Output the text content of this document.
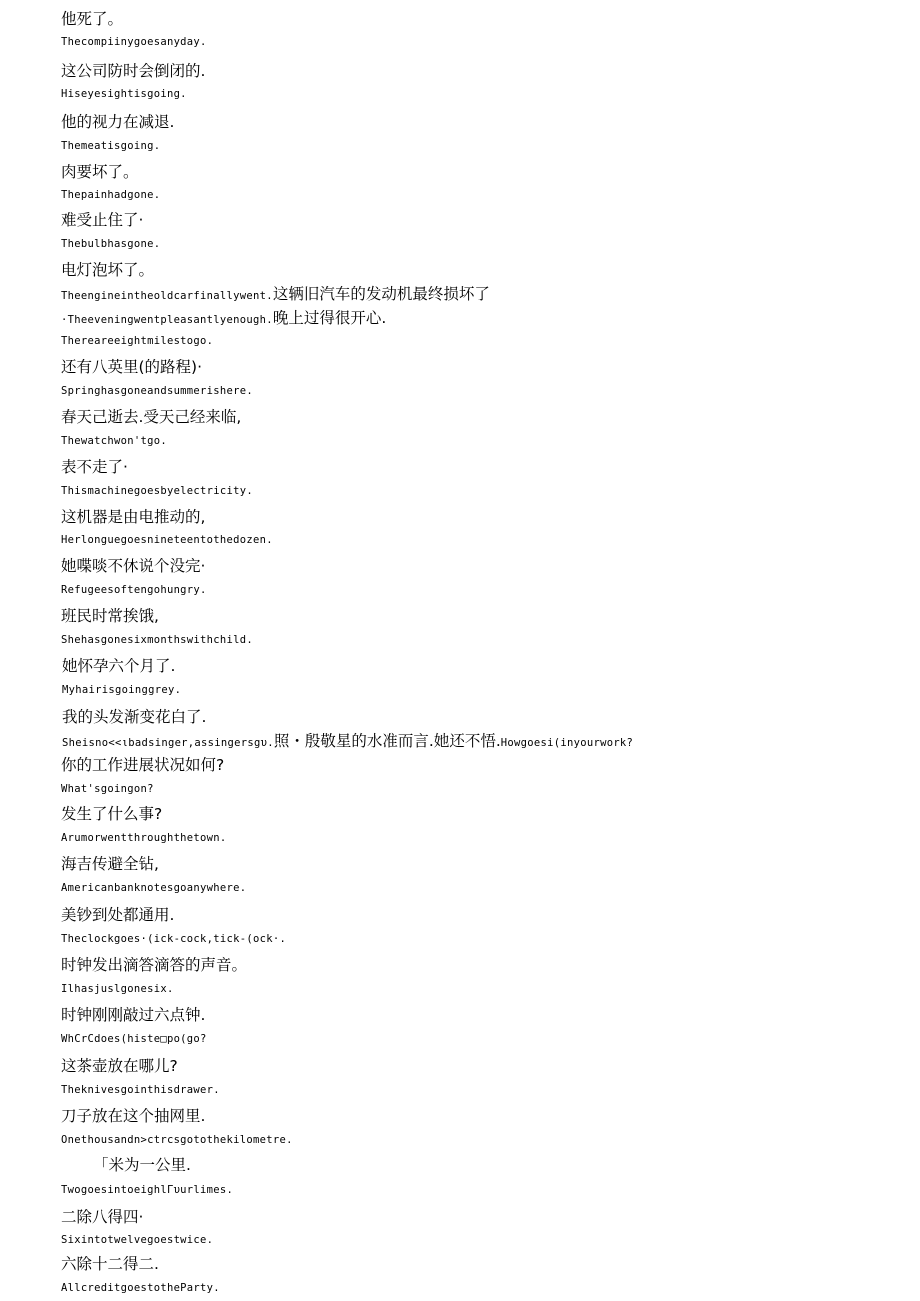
他死了。
Thecompiinygoesanyday.
这公司防时会倒闭的.
Hiseyesightisgoing.
他的视力在减退.
Themeatisgoing.
肉要坏了。
Thepainhadgone.
难受止住了·
Thebulbhasgone.
电灯泡坏了。
Theengineintheoldcarfinallywent.这辆旧汽车的发动机最终损坏了
·Theeveningwentpleasantlyenough.晚上过得很开心.
Thereareeightmilestogo.
还有八英里(的路程)·
Springhasgoneandsummerishere.
春天己逝去.受天己经来临,
Thewatchwon'tgo.
表不走了·
Thismachinegoesbyelectricity.
这机器是由电推动的,
Herlonguegoesnineteentothedozen.
她喋啖不休说个没完·
Refugeesoftengohungry.
班民时常挨饿,
Shehasgonesixmonthswithchild.
她怀孕六个月了.
Myhairisgoinggrey.
我的头发渐变花白了.
Sheisno<<ιbadsinger,assingersgυ.照・殷敬星的水准而言.她还不悟.Howgoesi(inyourwork?
你的工作进展状况如何?
What'sgoingon?
发生了什么事?
Arumorwentthroughthetown.
海吉传避全钻,
Americanbanknotesgoanywhere.
美钞到处都通用.
Theclockgoes·(ick-cock,tick-(ock·.
时钟发出滴答滴答的声音。
Ilhasjuslgonesix.
时钟刚刚敲过六点钟.
WhCrCdoes(histe□po(go?
这茶壶放在哪儿?
Theknivesgointhisdrawer.
刀子放在这个抽网里.
Onethousandn>ctrcsgotothekilometre.
「米为一公里.
TwogoesintoeighlΓυurlimes.
二除八得四·
Sixintotwelvegoestwice.
六除十二得二.
AllcreditgoestotheParty.
